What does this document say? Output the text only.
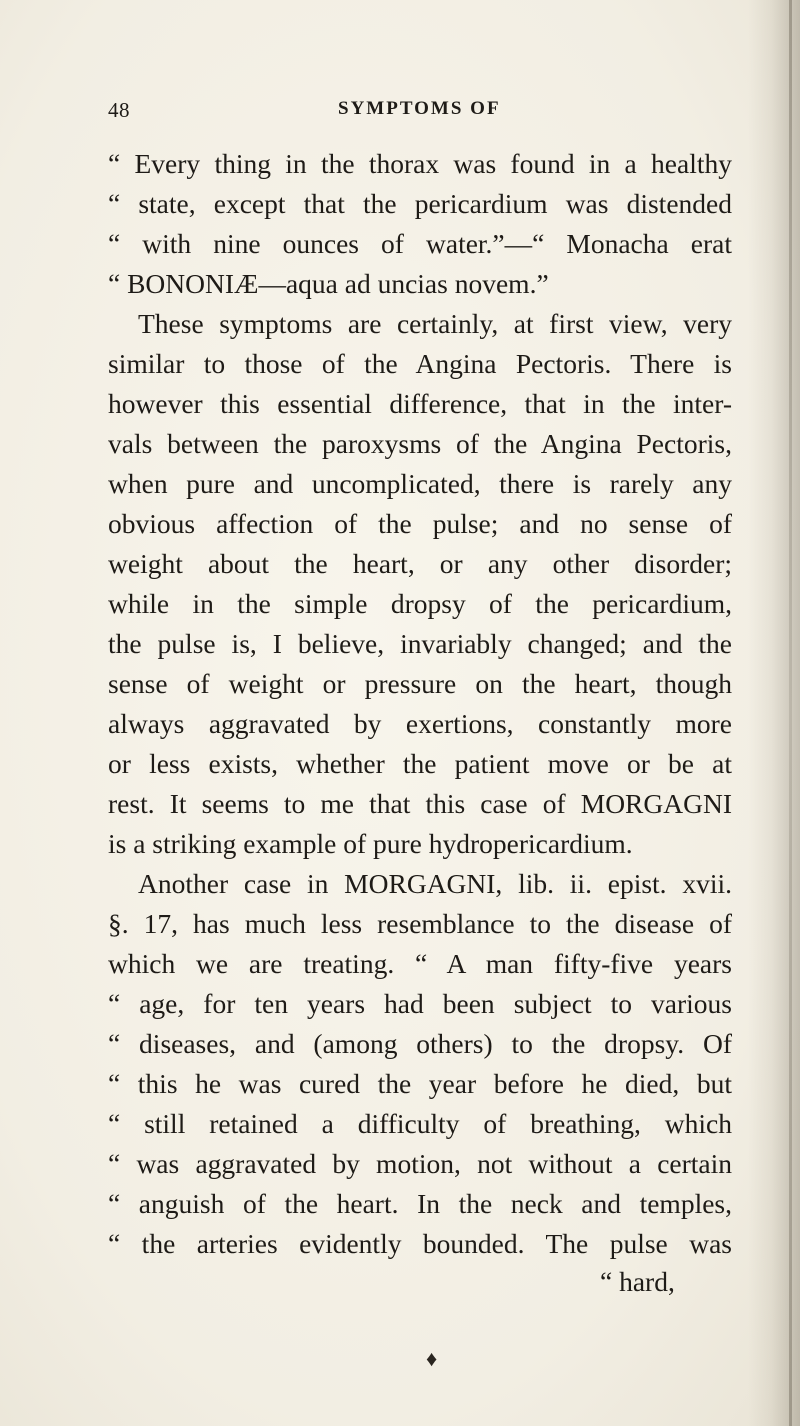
48	SYMPTOMS OF
“ Every thing in the thorax was found in a healthy
“ state, except that the pericardium was distended
“ with nine ounces of water.”—“ Monacha erat
“ BONONIÆ—aqua ad uncias novem.”
These symptoms are certainly, at first view, very
similar to those of the Angina Pectoris. There is
however this essential difference, that in the inter-
vals between the paroxysms of the Angina Pectoris,
when pure and uncomplicated, there is rarely any
obvious affection of the pulse; and no sense of
weight about the heart, or any other disorder;
while in the simple dropsy of the pericardium,
the pulse is, I believe, invariably changed; and the
sense of weight or pressure on the heart, though
always aggravated by exertions, constantly more
or less exists, whether the patient move or be at
rest. It seems to me that this case of MORGAGNI
is a striking example of pure hydropericardium.
Another case in MORGAGNI, lib. ii. epist. xvii.
§. 17, has much less resemblance to the disease of
which we are treating. “ A man fifty-five years
“ age, for ten years had been subject to various
“ diseases, and (among others) to the dropsy. Of
“ this he was cured the year before he died, but
“ still retained a difficulty of breathing, which
“ was aggravated by motion, not without a certain
“ anguish of the heart. In the neck and temples,
“ the arteries evidently bounded. The pulse was
“ hard,
♦
